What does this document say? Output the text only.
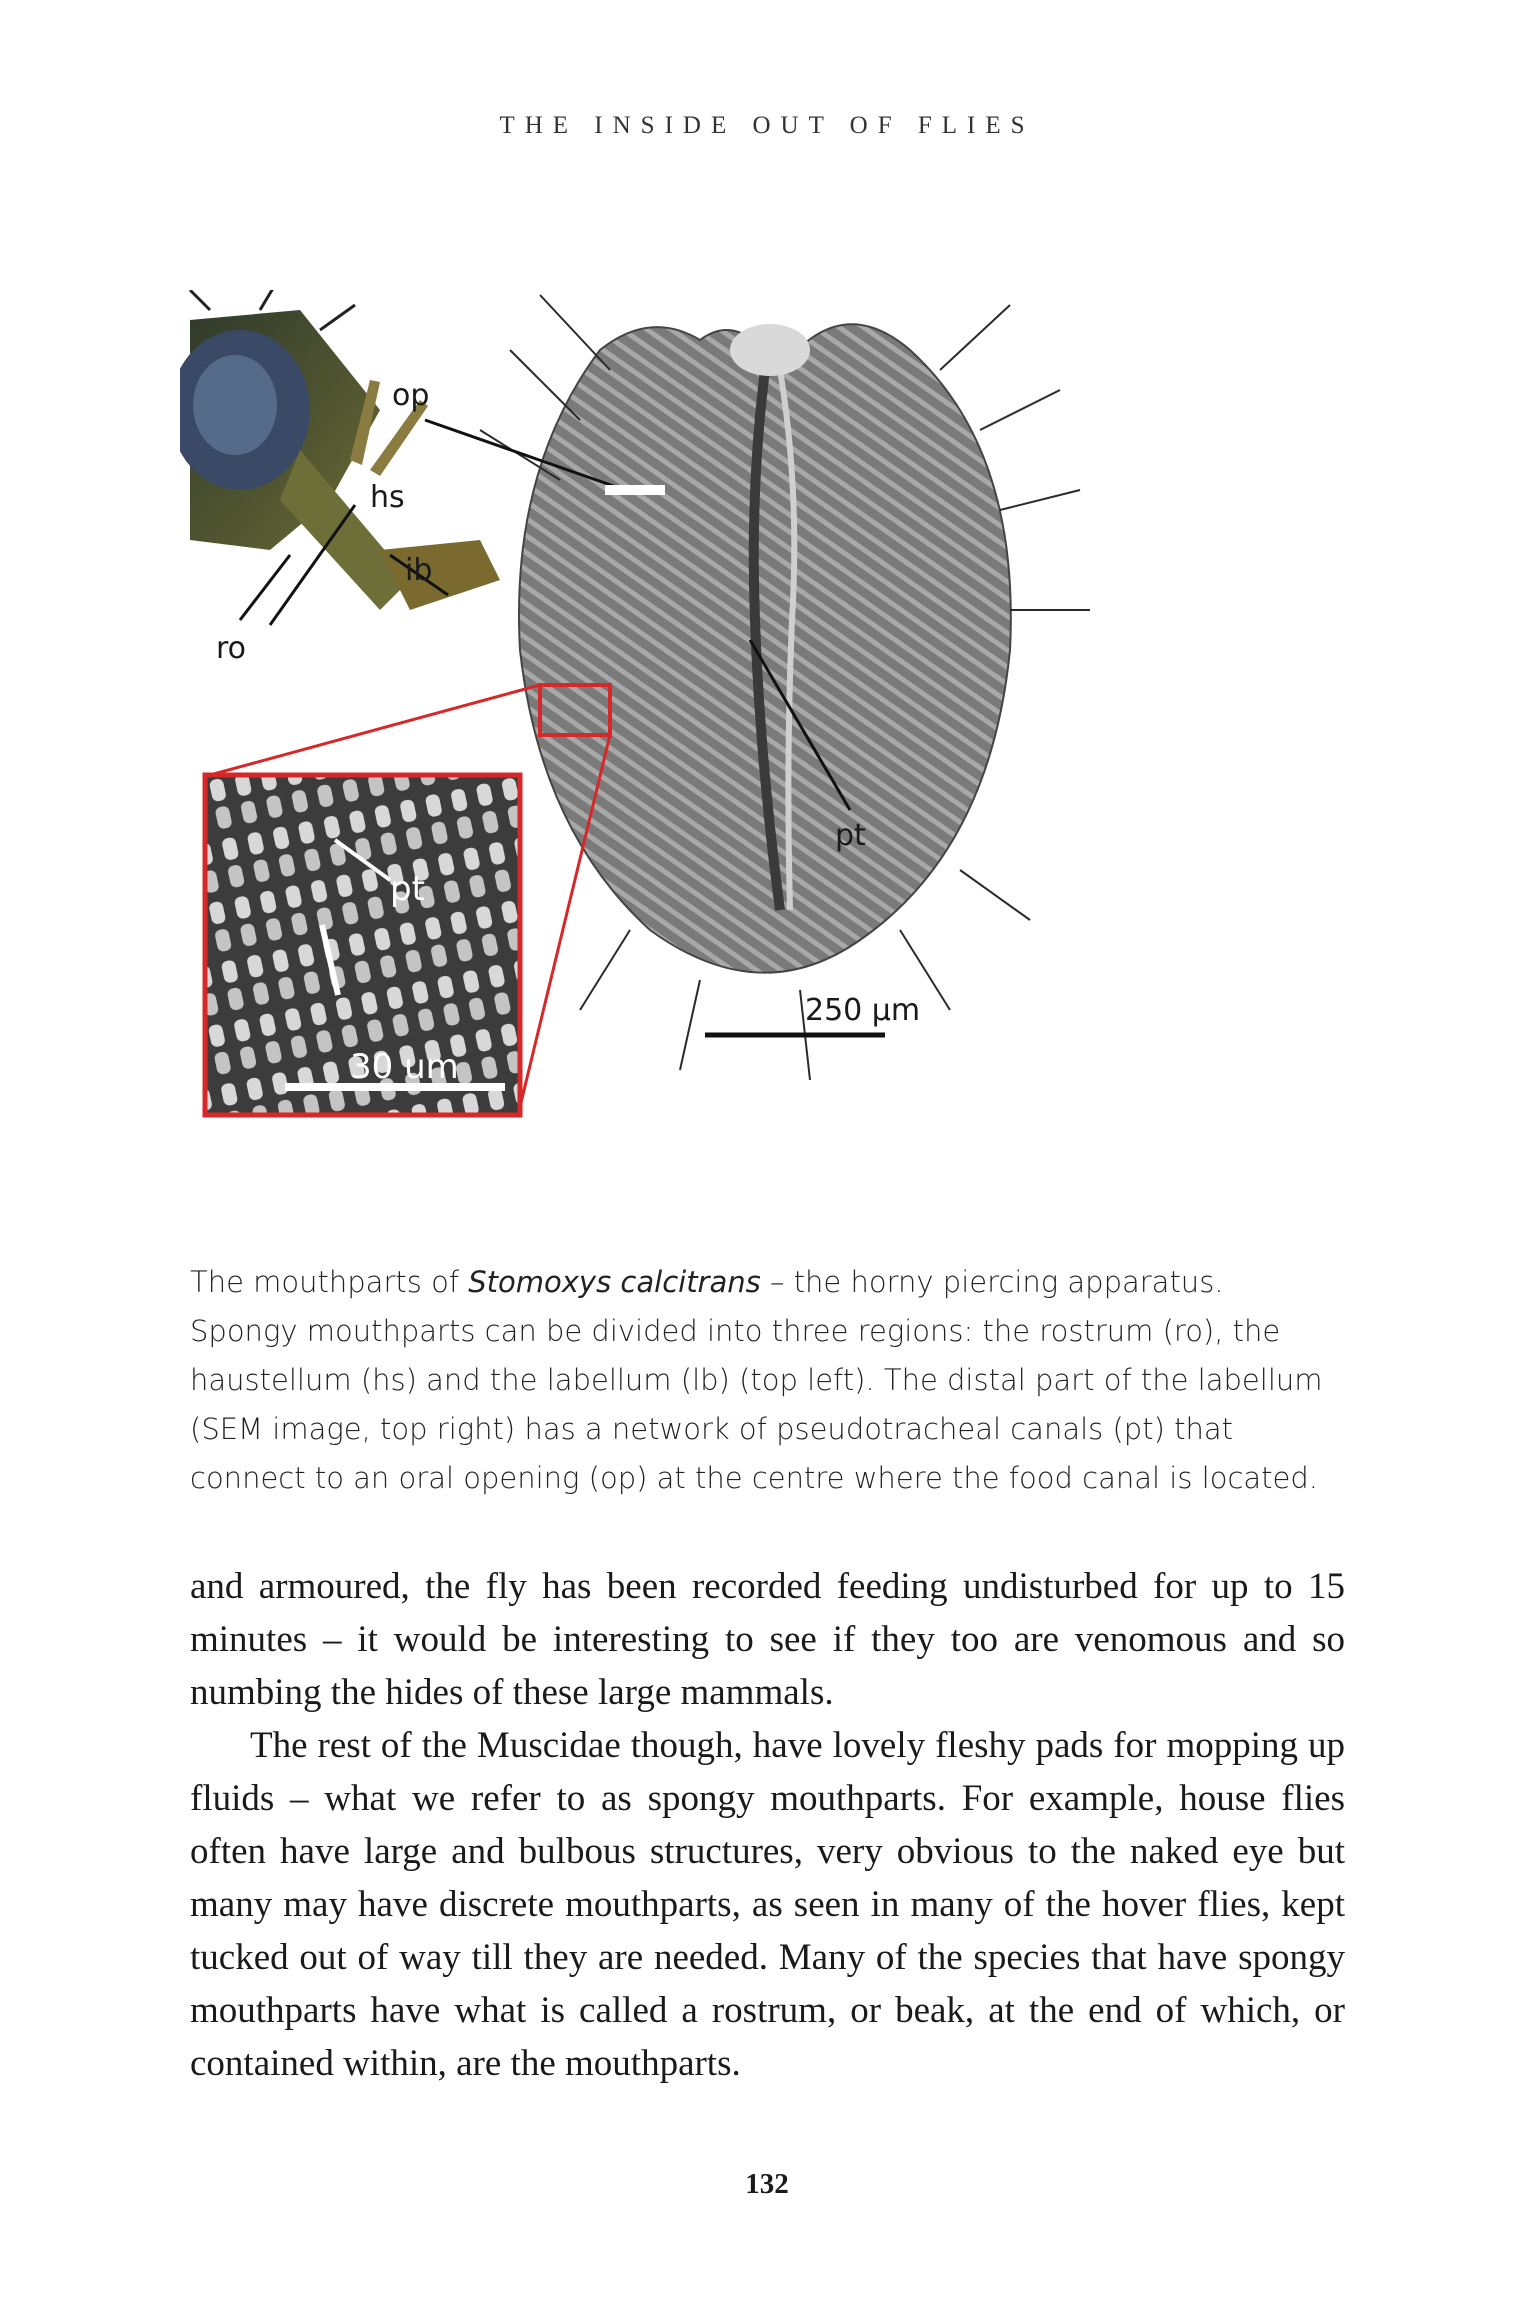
THE INSIDE OUT OF FLIES
pt
30 um
op
hs
ib
ro
pt
250 µm
The mouthparts of Stomoxys calcitrans – the horny piercing apparatus. Spongy mouthparts can be divided into three regions: the rostrum (ro), the haustellum (hs) and the labellum (lb) (top left). The distal part of the labellum (SEM image, top right) has a network of pseudotracheal canals (pt) that connect to an oral opening (op) at the centre where the food canal is located.

and armoured, the fly has been recorded feeding undisturbed for up to 15 minutes – it would be interesting to see if they too are venomous and so numbing the hides of these large mammals.

The rest of the Muscidae though, have lovely fleshy pads for mopping up fluids – what we refer to as spongy mouthparts. For example, house flies often have large and bulbous structures, very obvious to the naked eye but many may have discrete mouthparts, as seen in many of the hover flies, kept tucked out of way till they are needed. Many of the species that have spongy mouthparts have what is called a rostrum, or beak, at the end of which, or contained within, are the mouthparts.

132
